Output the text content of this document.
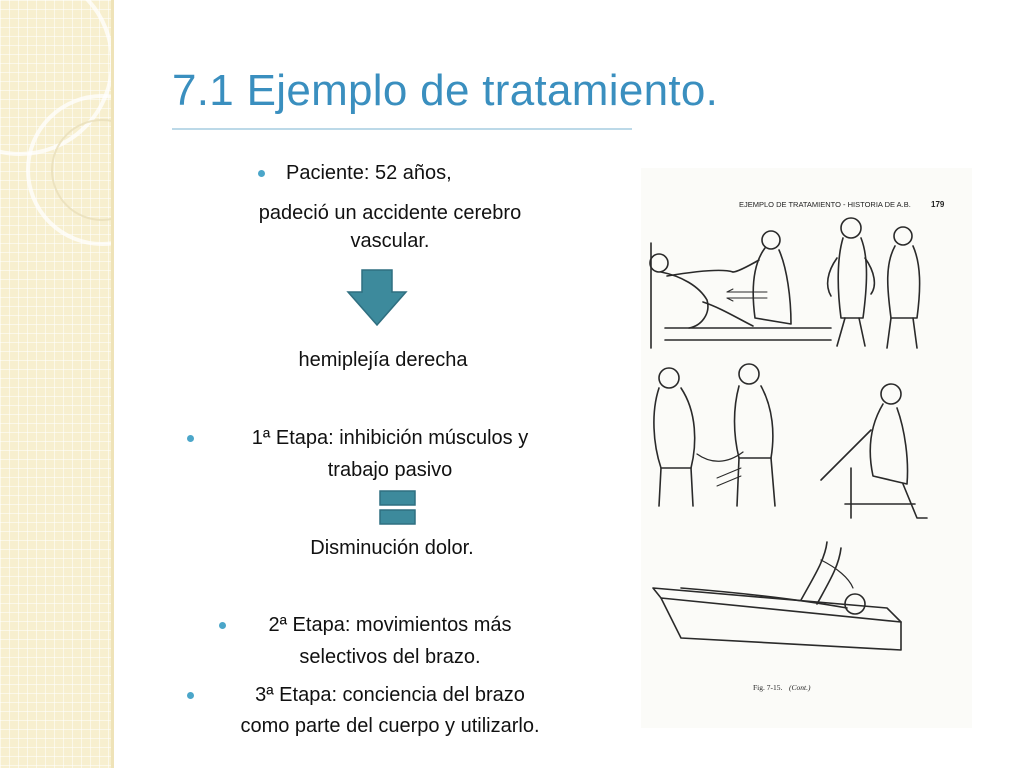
7.1 Ejemplo de tratamiento.
Paciente: 52 años,
padeció un accidente cerebro
vascular.
hemiplejía derecha
1ª Etapa: inhibición músculos y
trabajo pasivo
Disminución dolor.
2ª Etapa: movimientos más
selectivos del brazo.
3ª Etapa: conciencia del brazo
como parte del cuerpo y utilizarlo.
EJEMPLO DE TRATAMIENTO - HISTORIA DE A.B.	179
Fig. 7-15. (Cont.)
